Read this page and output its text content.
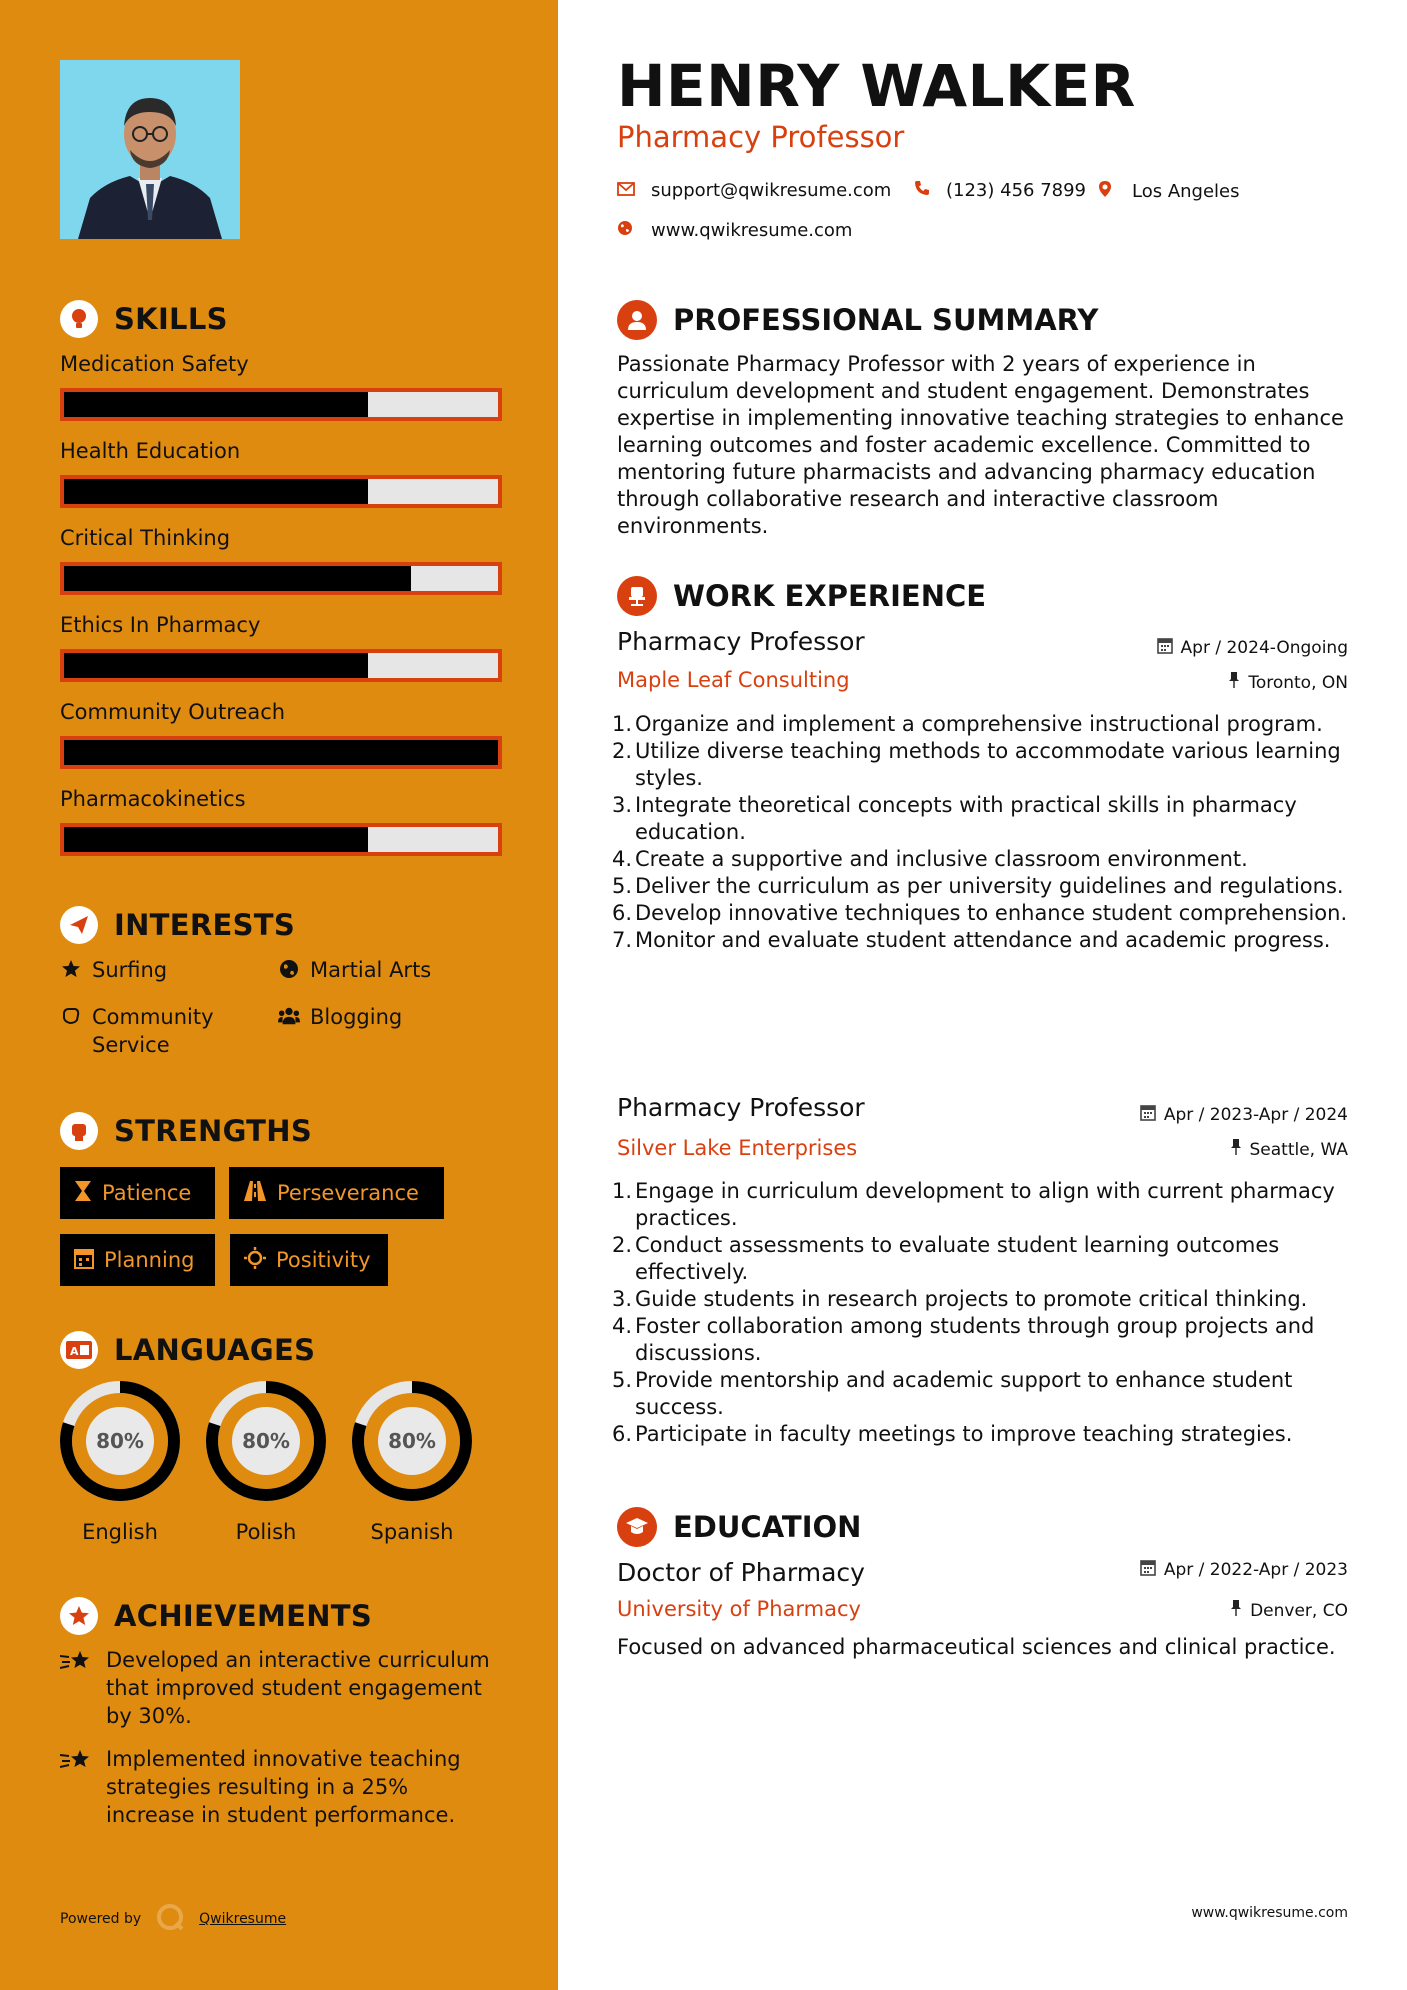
SKILLS
Medication Safety
Health Education
Critical Thinking
Ethics In Pharmacy
Community Outreach
Pharmacokinetics
INTERESTS
Surfing	Martial Arts
Community Service
Blogging
STRENGTHS
Patience	Perseverance
Planning	Positivity
A LANGUAGES
80%
English
80%
Polish
80%
Spanish
ACHIEVEMENTS
Developed an interactive curriculum that improved student engagement by 30%.
Implemented innovative teaching strategies resulting in a 25% increase in student performance.
Powered by	Qwikresume
HENRY WALKER
Pharmacy Professor
support@qwikresume.com	(123) 456 7899	Los Angeles
www.qwikresume.com
PROFESSIONAL SUMMARY
Passionate Pharmacy Professor with 2 years of experience in curriculum development and student engagement. Demonstrates expertise in implementing innovative teaching strategies to enhance learning outcomes and foster academic excellence. Committed to mentoring future pharmacists and advancing pharmacy education through collaborative research and interactive classroom environments.
WORK EXPERIENCE
Pharmacy Professor	Apr / 2024-Ongoing
Maple Leaf Consulting	Toronto, ON
1. Organize and implement a comprehensive instructional program.
2. Utilize diverse teaching methods to accommodate various learning styles.
3. Integrate theoretical concepts with practical skills in pharmacy education.
4. Create a supportive and inclusive classroom environment.
5. Deliver the curriculum as per university guidelines and regulations.
6. Develop innovative techniques to enhance student comprehension.
7. Monitor and evaluate student attendance and academic progress.
Pharmacy Professor	Apr / 2023-Apr / 2024
Silver Lake Enterprises	Seattle, WA
1. Engage in curriculum development to align with current pharmacy practices.
2. Conduct assessments to evaluate student learning outcomes effectively.
3. Guide students in research projects to promote critical thinking.
4. Foster collaboration among students through group projects and discussions.
5. Provide mentorship and academic support to enhance student success.
6. Participate in faculty meetings to improve teaching strategies.
EDUCATION
Doctor of Pharmacy	Apr / 2022-Apr / 2023
University of Pharmacy	Denver, CO
Focused on advanced pharmaceutical sciences and clinical practice.
www.qwikresume.com
